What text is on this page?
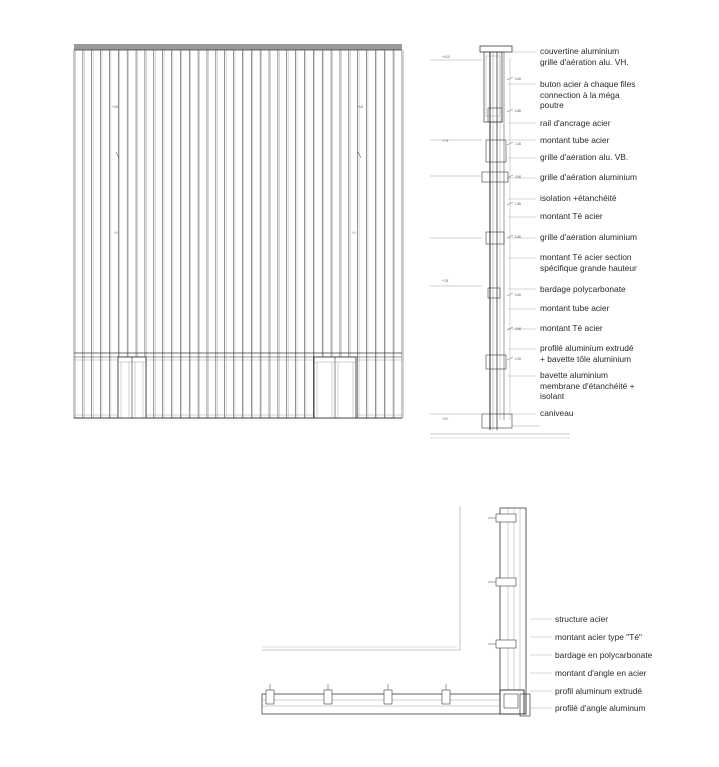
+15	+15
+1	+1
0.60
0.80
1.00
0.80
1.80
0.80
0.60
0.80
1.00
+10.0
+7.5
+3.5
+0.0
couvertine aluminium
grille d'aération alu. VH.
buton acier à chaque files
connection à la méga
poutre
rail d'ancrage acier
montant tube acier
grille d'aération alu. VB.
grille d'aération aluminium
isolation +étanchéité
montant Té acier
grille d'aération aluminium
montant Té acier section
spécifique grande hauteur
bardage polycarbonate
montant tube acier
montant Té acier
profilé aluminium extrudé
+ bavette tôle aluminium
bavette aluminium
membrane d'étanchéité +
isolant
caniveau
structure acier
montant acier type "Té"
bardage en polycarbonate
montant d'angle en acier
profil aluminum extrudé
profilé d'angle aluminum
